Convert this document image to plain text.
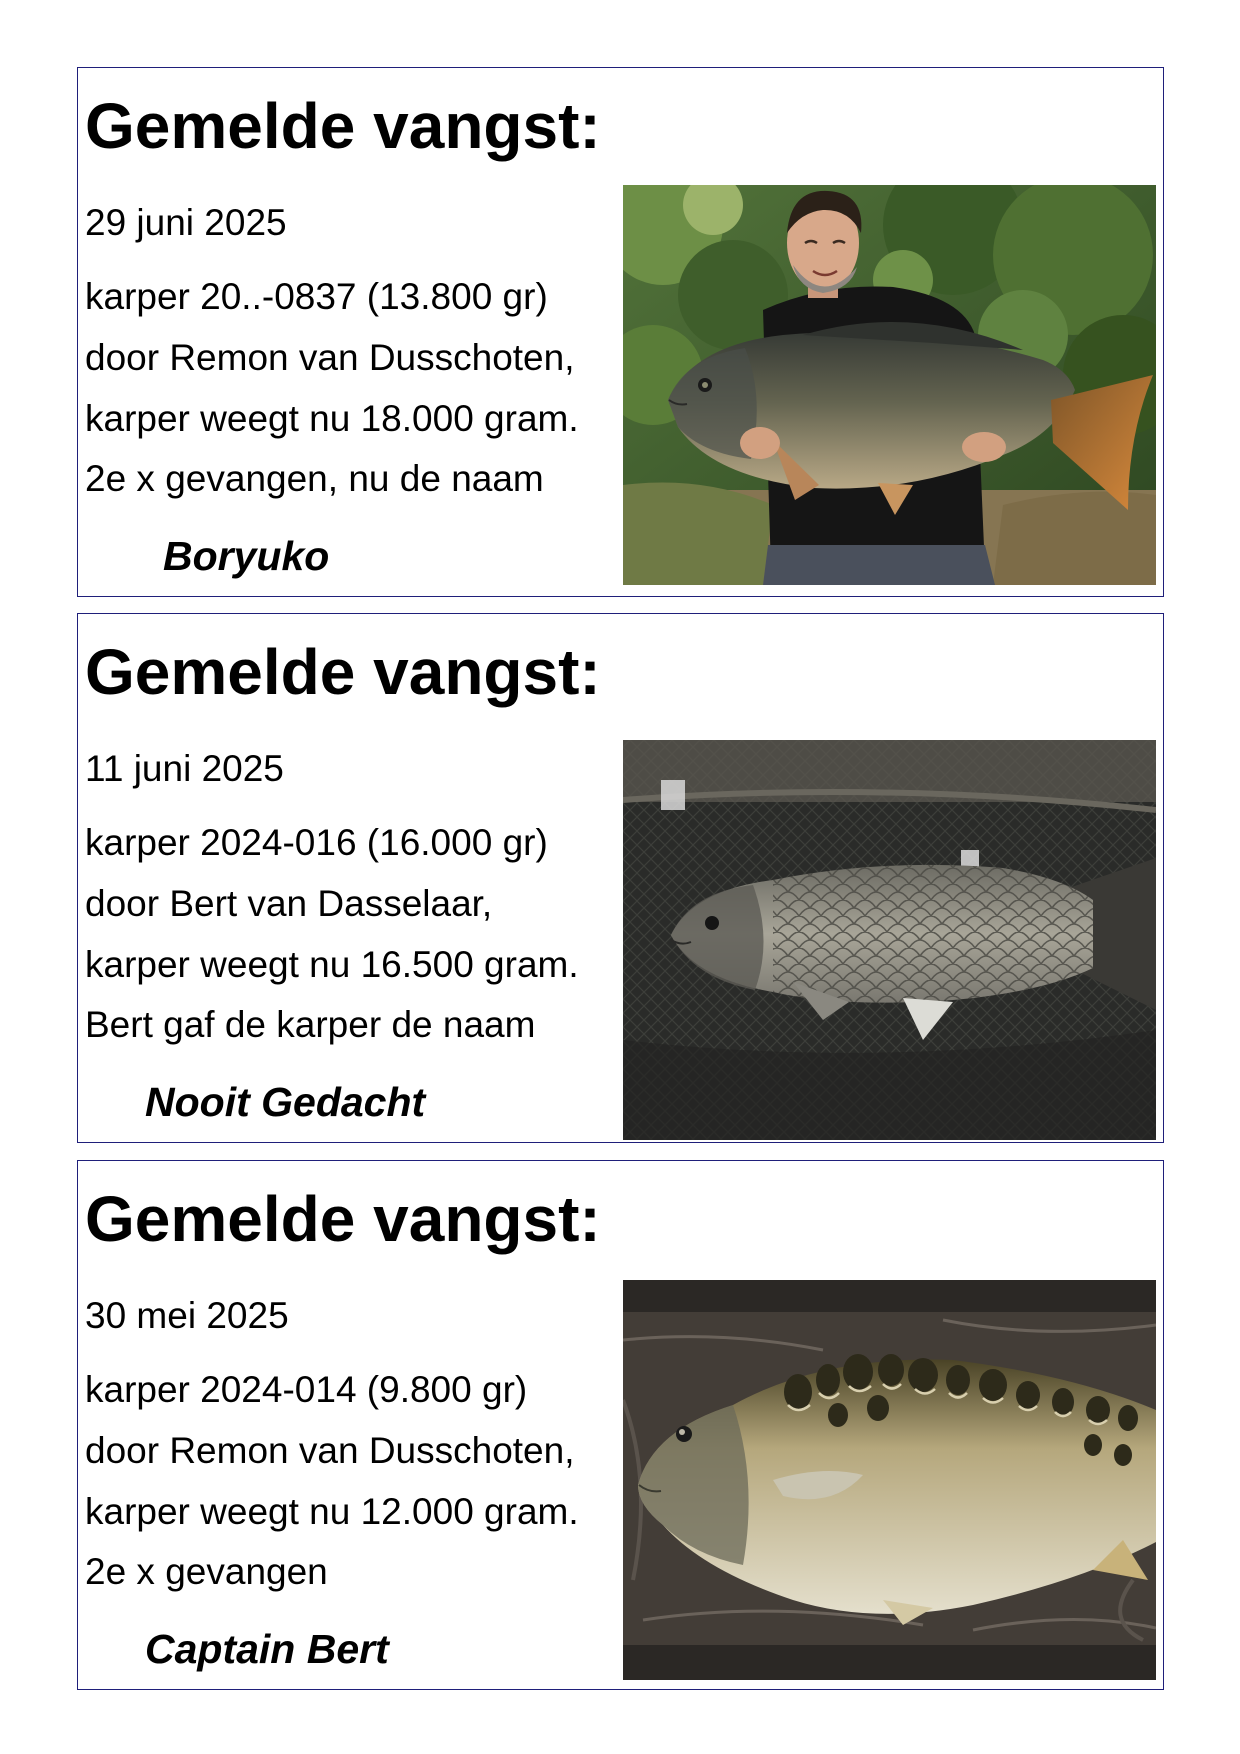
Gemelde vangst:

29 juni 2025

karper 20..-0837 (13.800 gr)

door Remon van Dusschoten,

karper weegt nu 18.000 gram.

2e x gevangen, nu de naam

Boryuko

Gemelde vangst:

11 juni 2025

karper 2024-016 (16.000 gr)

door Bert van Dasselaar,

karper weegt nu 16.500 gram.

Bert gaf de karper de naam

Nooit Gedacht

Gemelde vangst:

30 mei 2025

karper 2024-014 (9.800 gr)

door Remon van Dusschoten,

karper weegt nu 12.000 gram.

2e x gevangen

Captain Bert
